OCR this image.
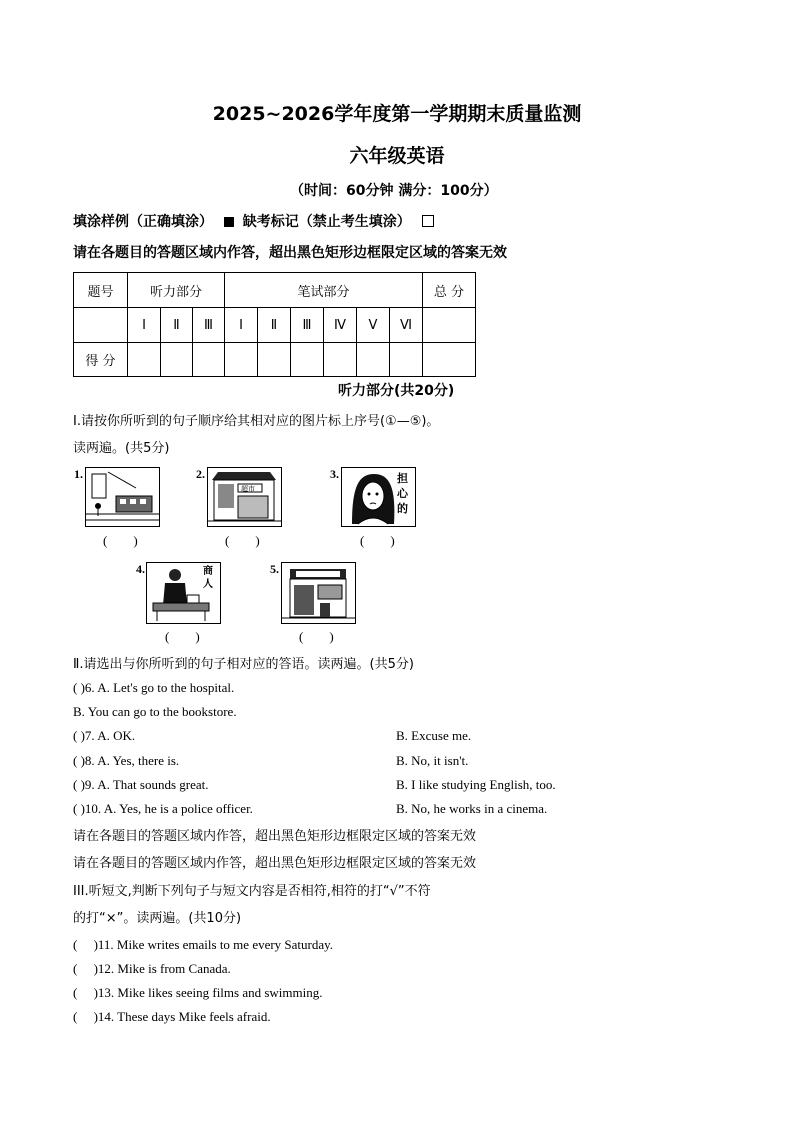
2025~2026学年度第一学期期末质量监测
六年级英语
（时间：60分钟 满分：100分）
填涂样例（正确填涂） 缺考标记（禁止考生填涂）
请在各题目的答题区域内作答，超出黑色矩形边框限定区域的答案无效
题号	听力部分			笔试部分						总 分
	Ⅰ	Ⅱ	Ⅲ	Ⅰ	Ⅱ	Ⅲ	Ⅳ	Ⅴ	Ⅵ	
得 分										
听力部分(共20分)
Ⅰ.请按你所听到的句子顺序给其相对应的图片标上序号(①—⑤)。
读两遍。(共5分)
1.
(　　)
2.
超市
(　　)
3.	担心的
(　　)
4.	商人
(　　)
5.
(　　)
Ⅱ.请选出与你所听到的句子相对应的答语。读两遍。(共5分)
( )6. A. Let's go to the hospital.
B. You can go to the bookstore.
( )7. A. OK.	B. Excuse me.
( )8. A. Yes, there is.	B. No, it isn't.
( )9. A. That sounds great.	B. I like studying English, too.
( )10. A. Yes, he is a police officer.	B. No, he works in a cinema.
请在各题目的答题区域内作答，超出黑色矩形边框限定区域的答案无效
请在各题目的答题区域内作答，超出黑色矩形边框限定区域的答案无效
III.听短文,判断下列句子与短文内容是否相符,相符的打“√”不符
的打“×”。读两遍。(共10分)
(　 )11. Mike writes emails to me every Saturday.
(　 )12. Mike is from Canada.
(　 )13. Mike likes seeing films and swimming.
(　 )14. These days Mike feels afraid.
